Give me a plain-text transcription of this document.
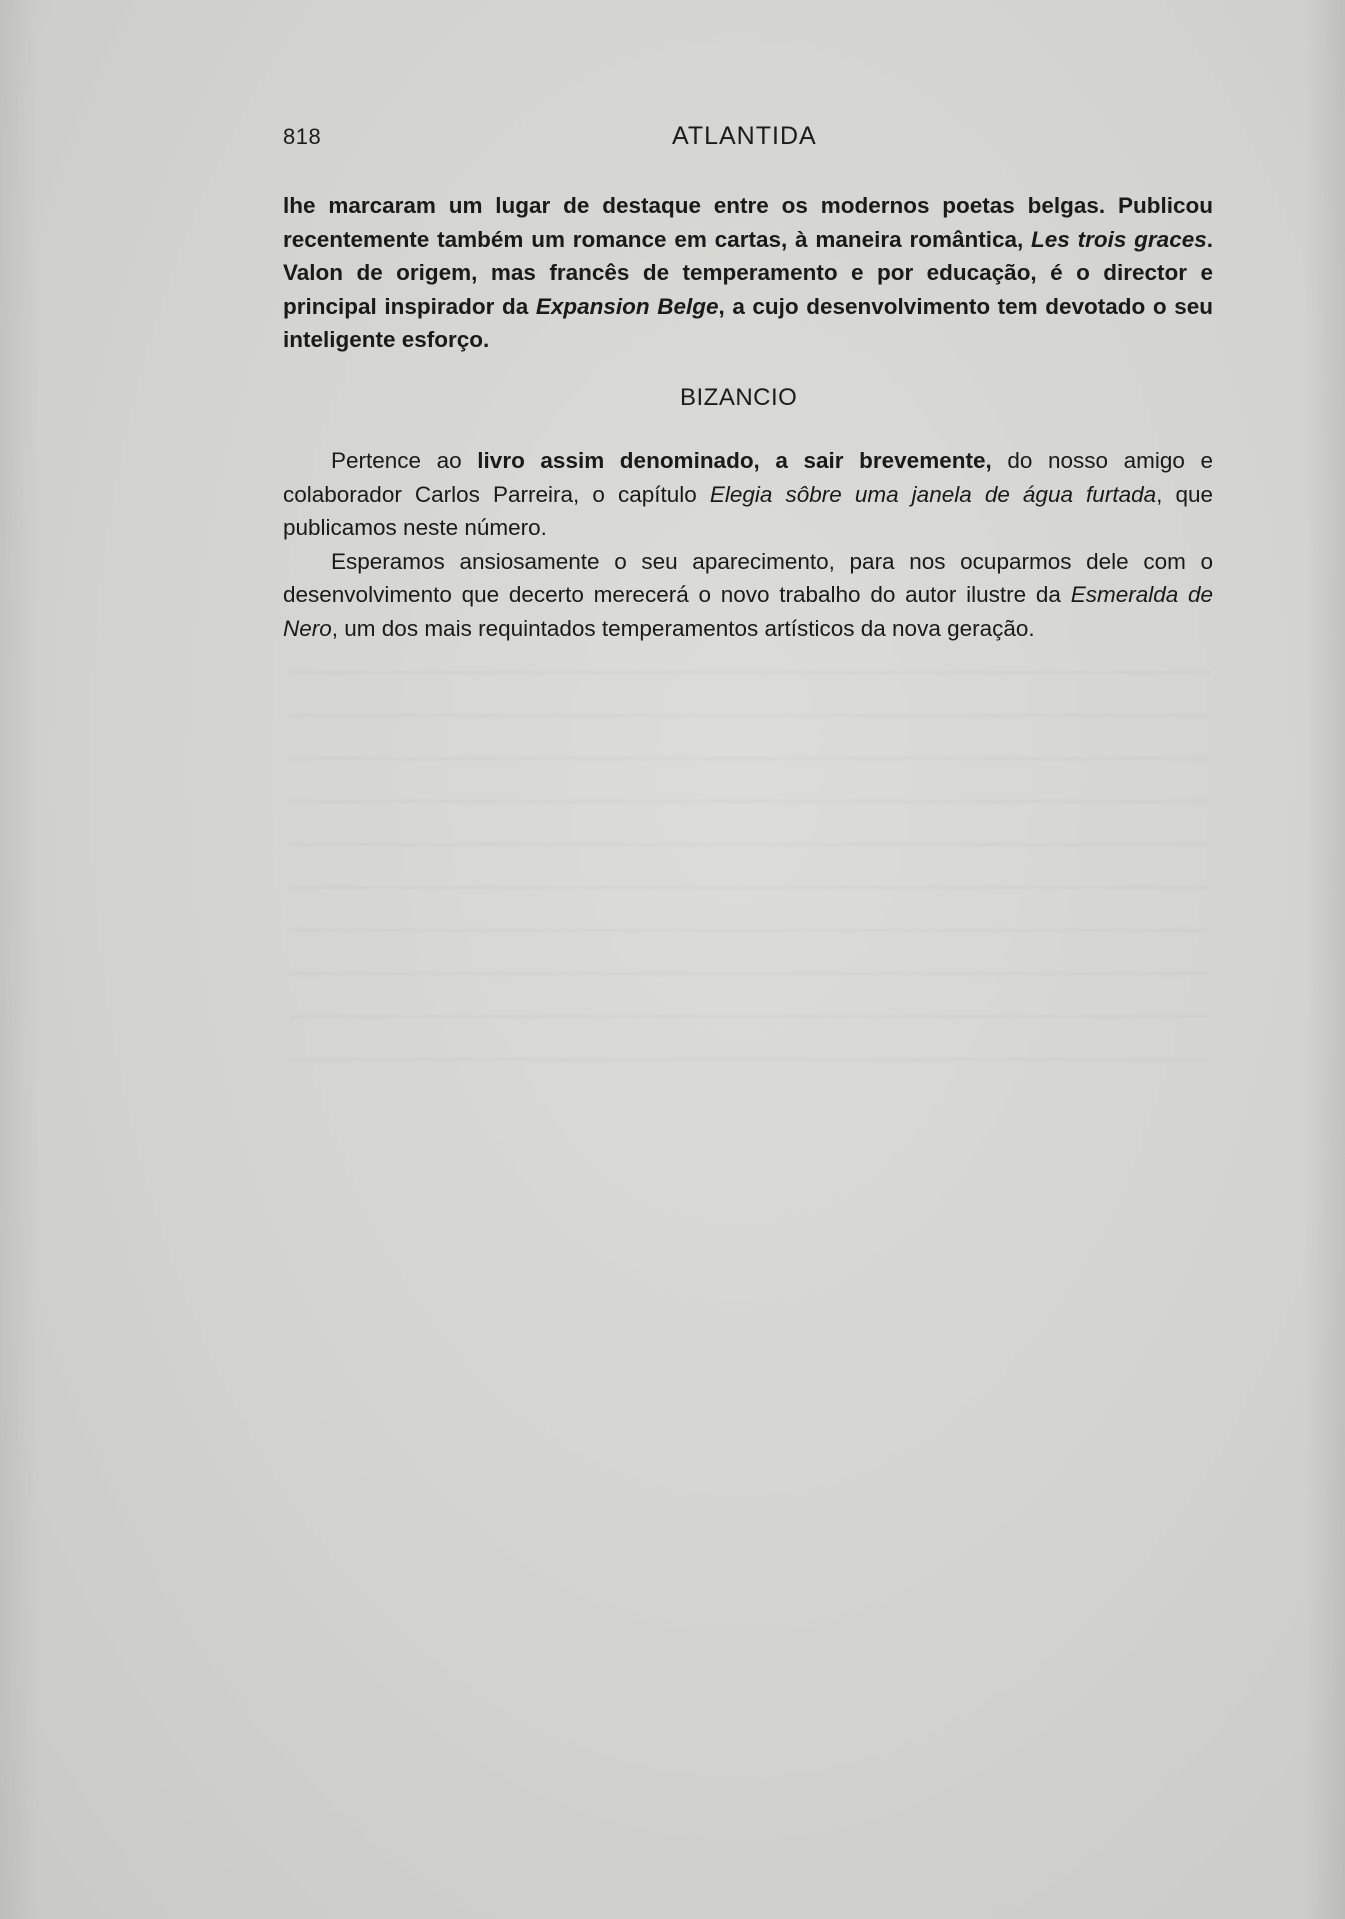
818	ATLANTIDA

lhe marcaram um lugar de destaque entre os modernos poetas belgas. Publicou recentemente também um romance em cartas, à maneira romântica, Les trois graces. Valon de origem, mas francês de temperamento e por educação, é o director e principal inspirador da Expansion Belge, a cujo desenvolvimento tem devotado o seu inteligente esforço.

BIZANCIO

Pertence ao livro assim denominado, a sair brevemente, do nosso amigo e colaborador Carlos Parreira, o capítulo Elegia sôbre uma janela de água furtada, que publicamos neste número.

Esperamos ansiosamente o seu aparecimento, para nos ocuparmos dele com o desenvolvimento que decerto merecerá o novo trabalho do autor ilustre da Esmeralda de Nero, um dos mais requintados temperamentos artísticos da nova geração.
